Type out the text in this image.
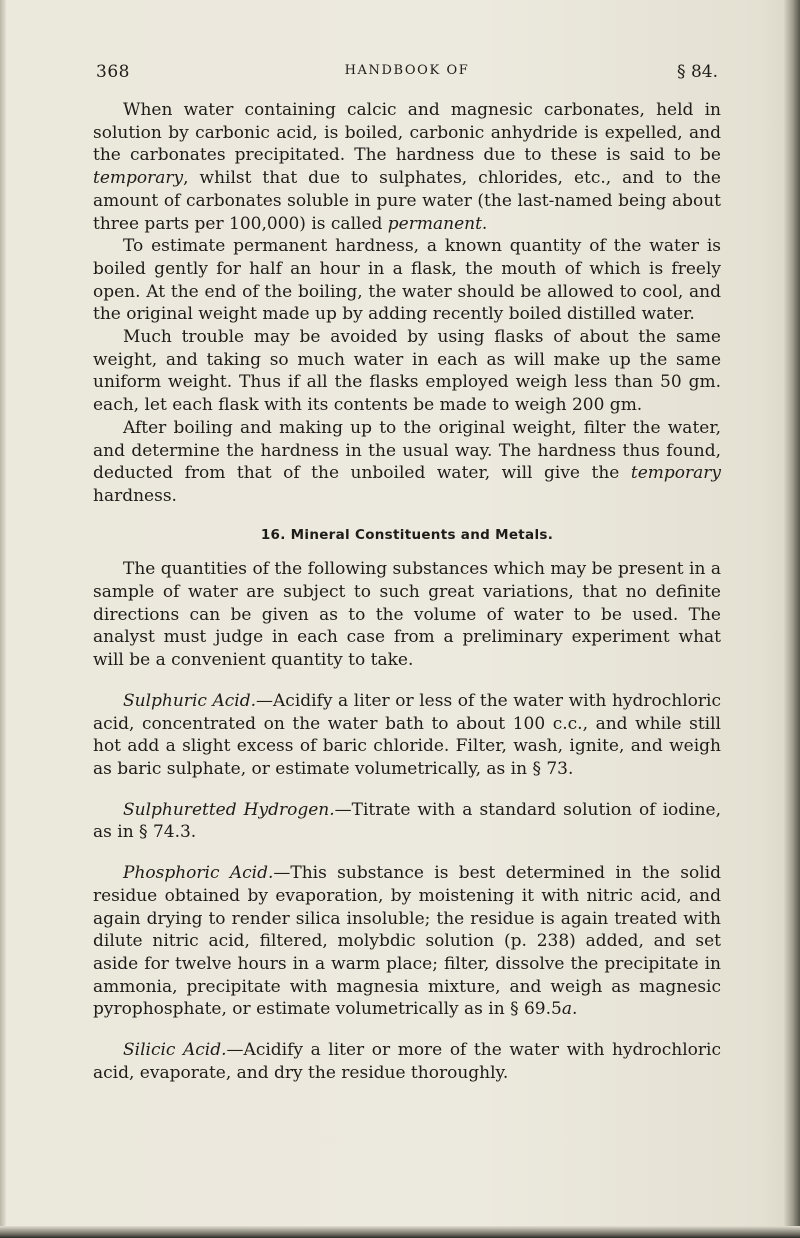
368	HANDBOOK OF	§ 84.

When water containing calcic and magnesic carbonates, held in solution by carbonic acid, is boiled, carbonic anhydride is expelled, and the carbonates precipitated. The hardness due to these is said to be temporary, whilst that due to sulphates, chlorides, etc., and to the amount of carbonates soluble in pure water (the last-named being about three parts per 100,000) is called permanent.

To estimate permanent hardness, a known quantity of the water is boiled gently for half an hour in a flask, the mouth of which is freely open. At the end of the boiling, the water should be allowed to cool, and the original weight made up by adding recently boiled distilled water.

Much trouble may be avoided by using flasks of about the same weight, and taking so much water in each as will make up the same uniform weight. Thus if all the flasks employed weigh less than 50 gm. each, let each flask with its contents be made to weigh 200 gm.

After boiling and making up to the original weight, filter the water, and determine the hardness in the usual way. The hardness thus found, deducted from that of the unboiled water, will give the temporary hardness.

16. Mineral Constituents and Metals.

The quantities of the following substances which may be present in a sample of water are subject to such great variations, that no definite directions can be given as to the volume of water to be used. The analyst must judge in each case from a preliminary experiment what will be a convenient quantity to take.

Sulphuric Acid.—Acidify a liter or less of the water with hydrochloric acid, concentrated on the water bath to about 100 c.c., and while still hot add a slight excess of baric chloride. Filter, wash, ignite, and weigh as baric sulphate, or estimate volumetrically, as in § 73.

Sulphuretted Hydrogen.—Titrate with a standard solution of iodine, as in § 74.3.

Phosphoric Acid.—This substance is best determined in the solid residue obtained by evaporation, by moistening it with nitric acid, and again drying to render silica insoluble; the residue is again treated with dilute nitric acid, filtered, molybdic solution (p. 238) added, and set aside for twelve hours in a warm place; filter, dissolve the precipitate in ammonia, precipitate with magnesia mixture, and weigh as magnesic pyrophosphate, or estimate volumetrically as in § 69.5a.

Silicic Acid.—Acidify a liter or more of the water with hydrochloric acid, evaporate, and dry the residue thoroughly.
